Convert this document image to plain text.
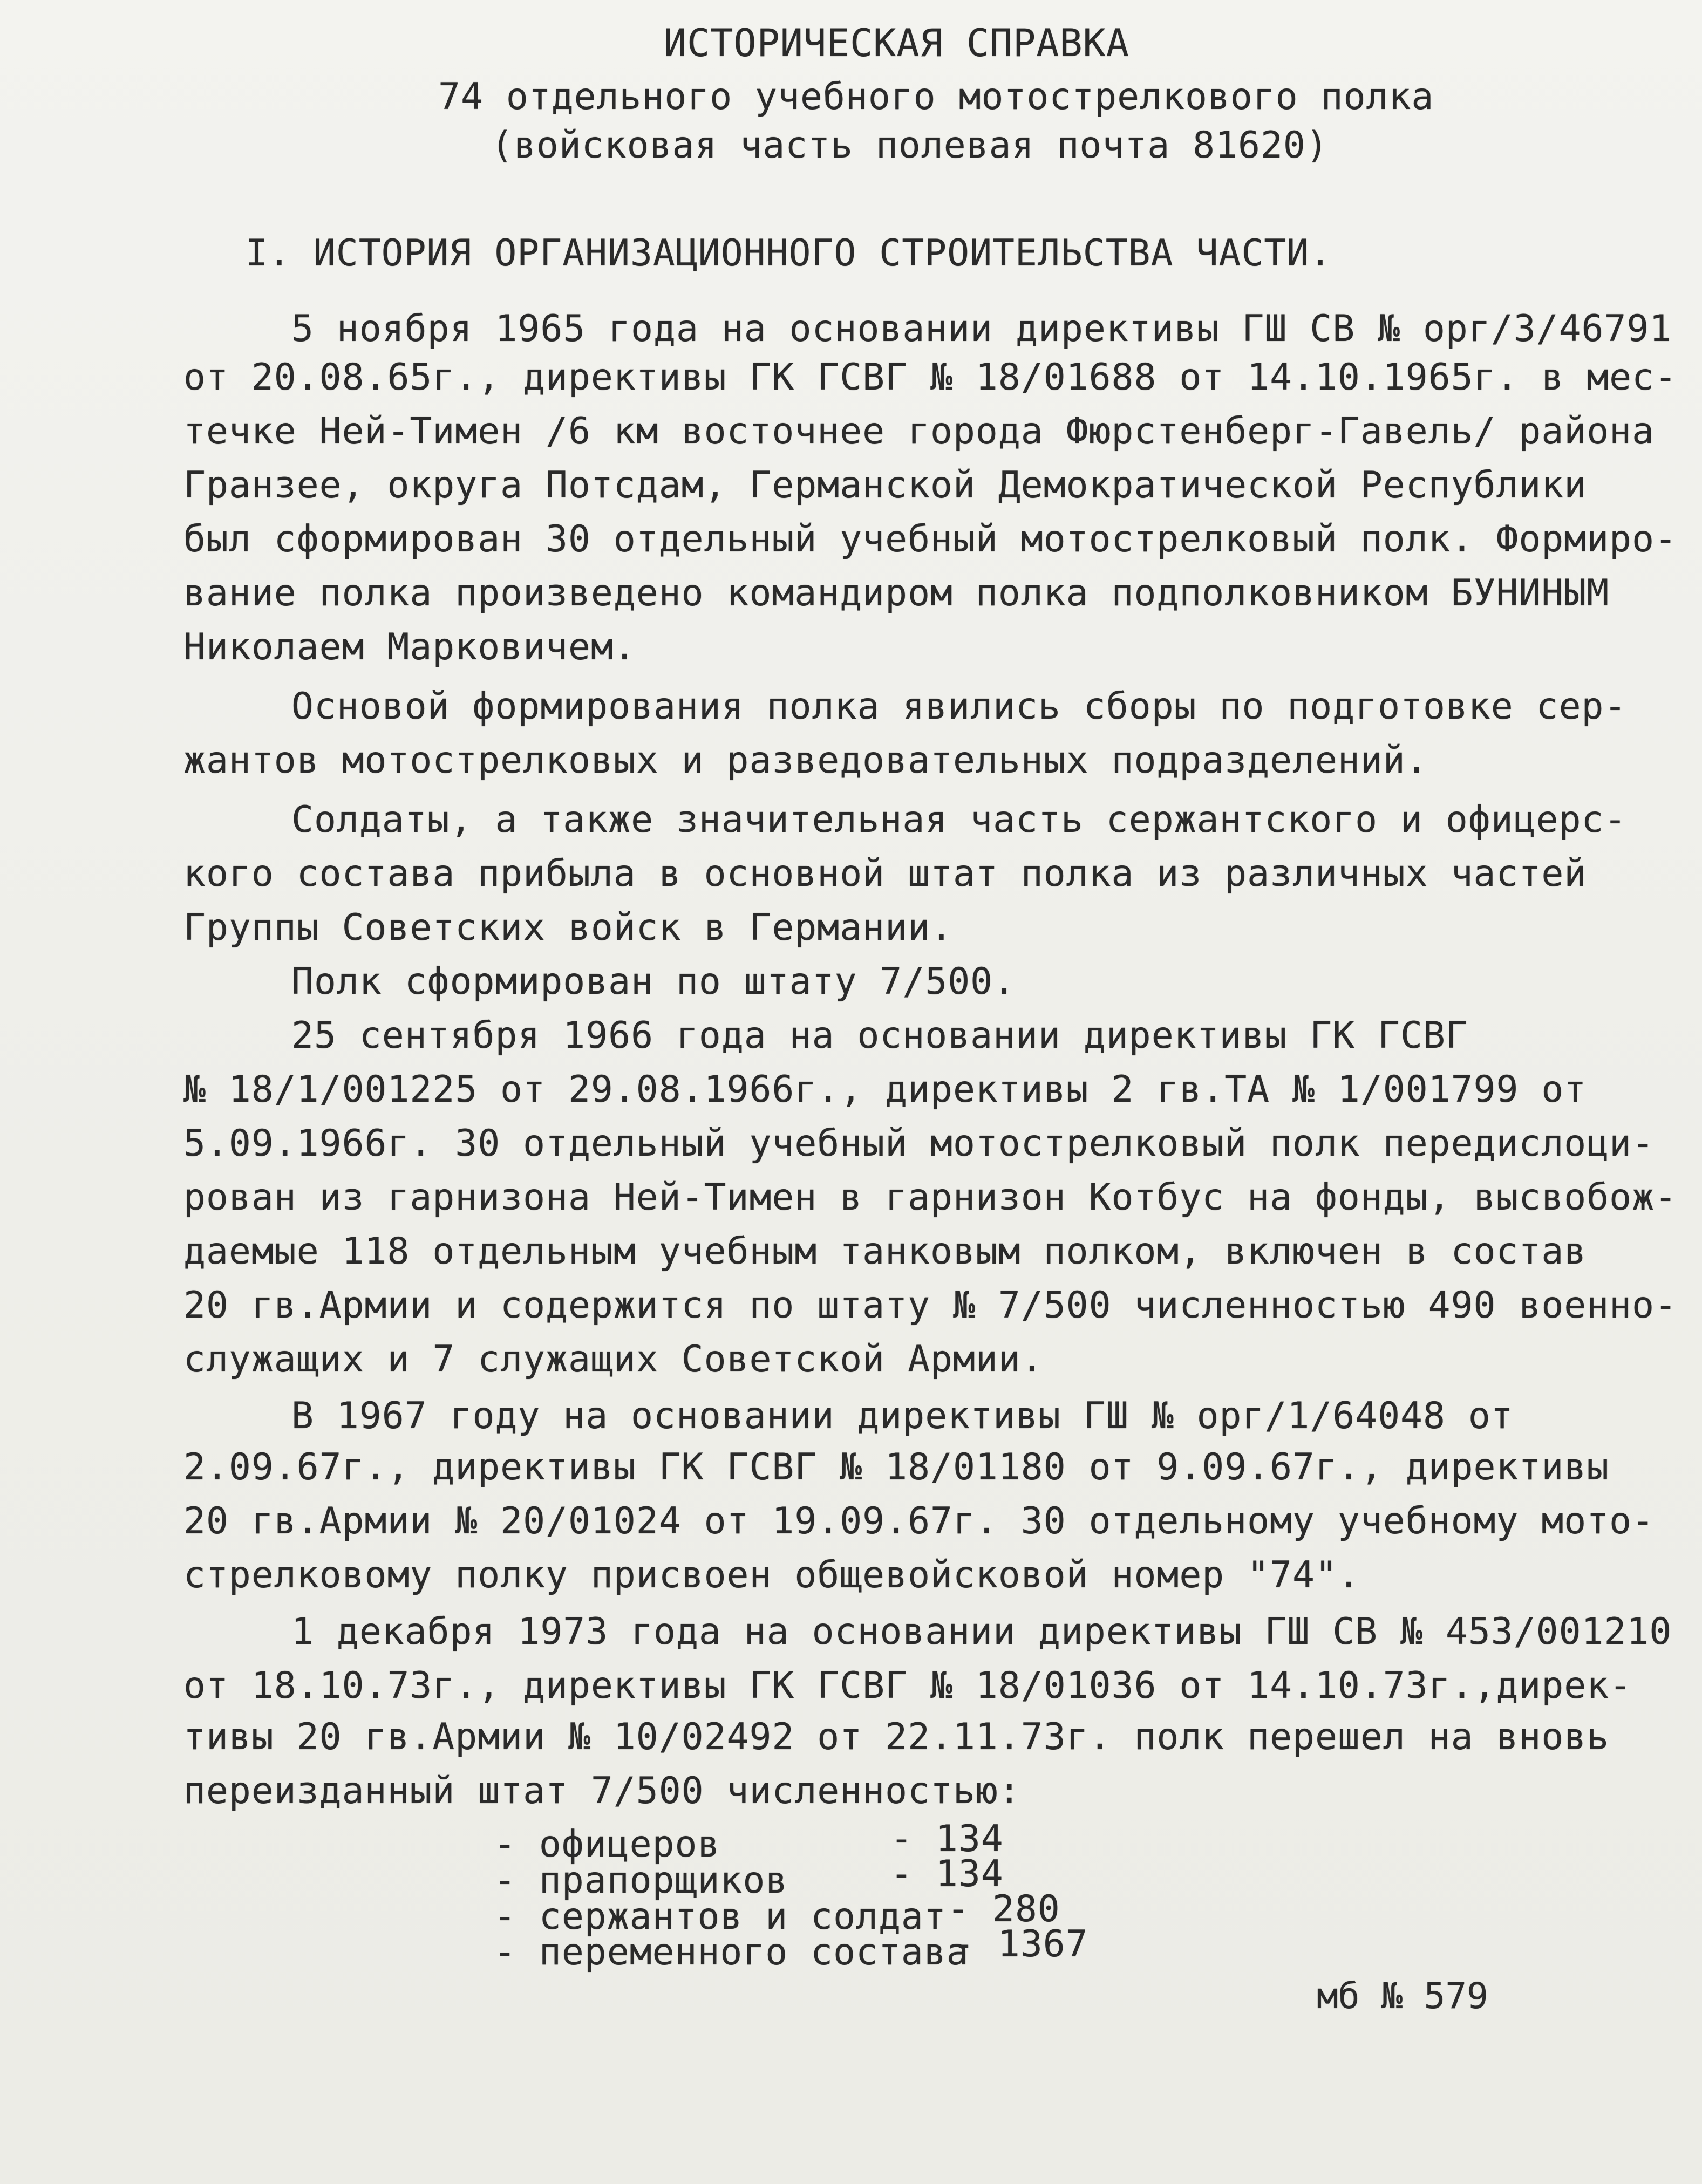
ИСТОРИЧЕСКАЯ СПРАВКА
74 отдельного учебного мотострелкового полка
(войсковая часть полевая почта 81620)
I. ИСТОРИЯ ОРГАНИЗАЦИОННОГО СТРОИТЕЛЬСТВА ЧАСТИ.
5 ноября 1965 года на основании директивы ГШ СВ № орг/3/46791
от 20.08.65г., директивы ГК ГСВГ № 18/01688 от 14.10.1965г. в мес-
течке Ней-Тимен /6 км восточнее города Фюрстенберг-Гавель/ района
Гранзее, округа Потсдам, Германской Демократической Республики
был сформирован 30 отдельный учебный мотострелковый полк. Формиро-
вание полка произведено командиром полка подполковником БУНИНЫМ
Николаем Марковичем.
Основой формирования полка явились сборы по подготовке сер-
жантов мотострелковых и разведовательных подразделений.
Солдаты, а также значительная часть сержантского и офицерс-
кого состава прибыла в основной штат полка из различных частей
Группы Советских войск в Германии.
Полк сформирован по штату 7/500.
25 сентября 1966 года на основании директивы ГК ГСВГ
№ 18/1/001225 от 29.08.1966г., директивы 2 гв.ТА № 1/001799 от
5.09.1966г. 30 отдельный учебный мотострелковый полк передислоци-
рован из гарнизона Ней-Тимен в гарнизон Котбус на фонды, высвобож-
даемые 118 отдельным учебным танковым полком, включен в состав
20 гв.Армии и содержится по штату № 7/500 численностью 490 военно-
служащих и 7 служащих Советской Армии.
В 1967 году на основании директивы ГШ № орг/1/64048 от
2.09.67г., директивы ГК ГСВГ № 18/01180 от 9.09.67г., директивы
20 гв.Армии № 20/01024 от 19.09.67г. 30 отдельному учебному мото-
стрелковому полку присвоен общевойсковой номер "74".
1 декабря 1973 года на основании директивы ГШ СВ № 453/001210
от 18.10.73г., директивы ГК ГСВГ № 18/01036 от 14.10.73г.,дирек-
тивы 20 гв.Армии № 10/02492 от 22.11.73г. полк перешел на вновь
переизданный штат 7/500 численностью:
- офицеров	- 134
- прапорщиков	- 134
- сержантов и солдат - 280
- переменного состава
- 1367
мб № 579
